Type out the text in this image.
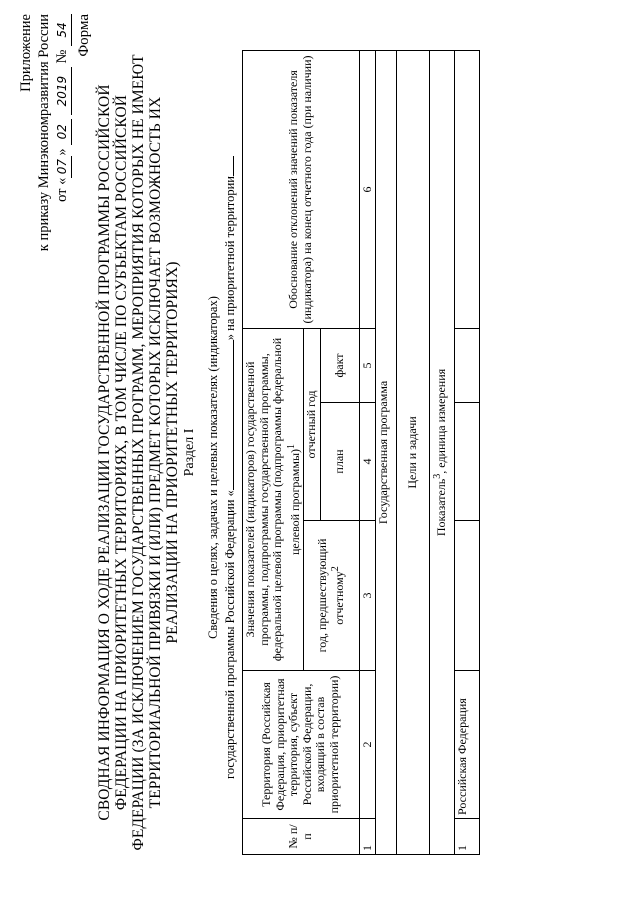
Приложение к приказу Минэкономразвития России от «07» 02 2019 № 54 Форма
СВОДНАЯ ИНФОРМАЦИЯ О ХОДЕ РЕАЛИЗАЦИИ ГОСУДАРСТВЕННОЙ ПРОГРАММЫ РОССИЙСКОЙ ФЕДЕРАЦИИ НА ПРИОРИТЕТНЫХ ТЕРРИТОРИЯХ, В ТОМ ЧИСЛЕ ПО СУБЪЕКТАМ РОССИЙСКОЙ ФЕДЕРАЦИИ (ЗА ИСКЛЮЧЕНИЕМ ГОСУДАРСТВЕННЫХ ПРОГРАММ, МЕРОПРИЯТИЯ КОТОРЫХ НЕ ИМЕЮТ ТЕРРИТОРИАЛЬНОЙ ПРИВЯЗКИ И (ИЛИ) ПРЕДМЕТ КОТОРЫХ ИСКЛЮЧАЕТ ВОЗМОЖНОСТЬ ИХ РЕАЛИЗАЦИИ НА ПРИОРИТЕТНЫХ ТЕРРИТОРИЯХ) Раздел I Сведения о целях, задачах и целевых показателях (индикаторах) государственной программы Российской Федерации «» на приоритетной территории
№ п/п	Территория (Российская Федерация, приоритетная территория, субъект Российской Федерации, входящий в состав приоритетной территории)	Значения показателей (индикаторов) государственной программы, подпрограммы государственной программы, федеральной целевой программы (подпрограммы федеральной целевой программы)$^1$			Обоснование отклонений значений показателя (индикатора) на конец отчетного года (при наличии)
		год, предшествующий отчетному$^2$	отчетный год		
			план	факт	
1	2	3	4	5	6
Государственная программа					
Цели и задачи					
Показатель$^3$, единица измерения					
1	Российская Федерация				
